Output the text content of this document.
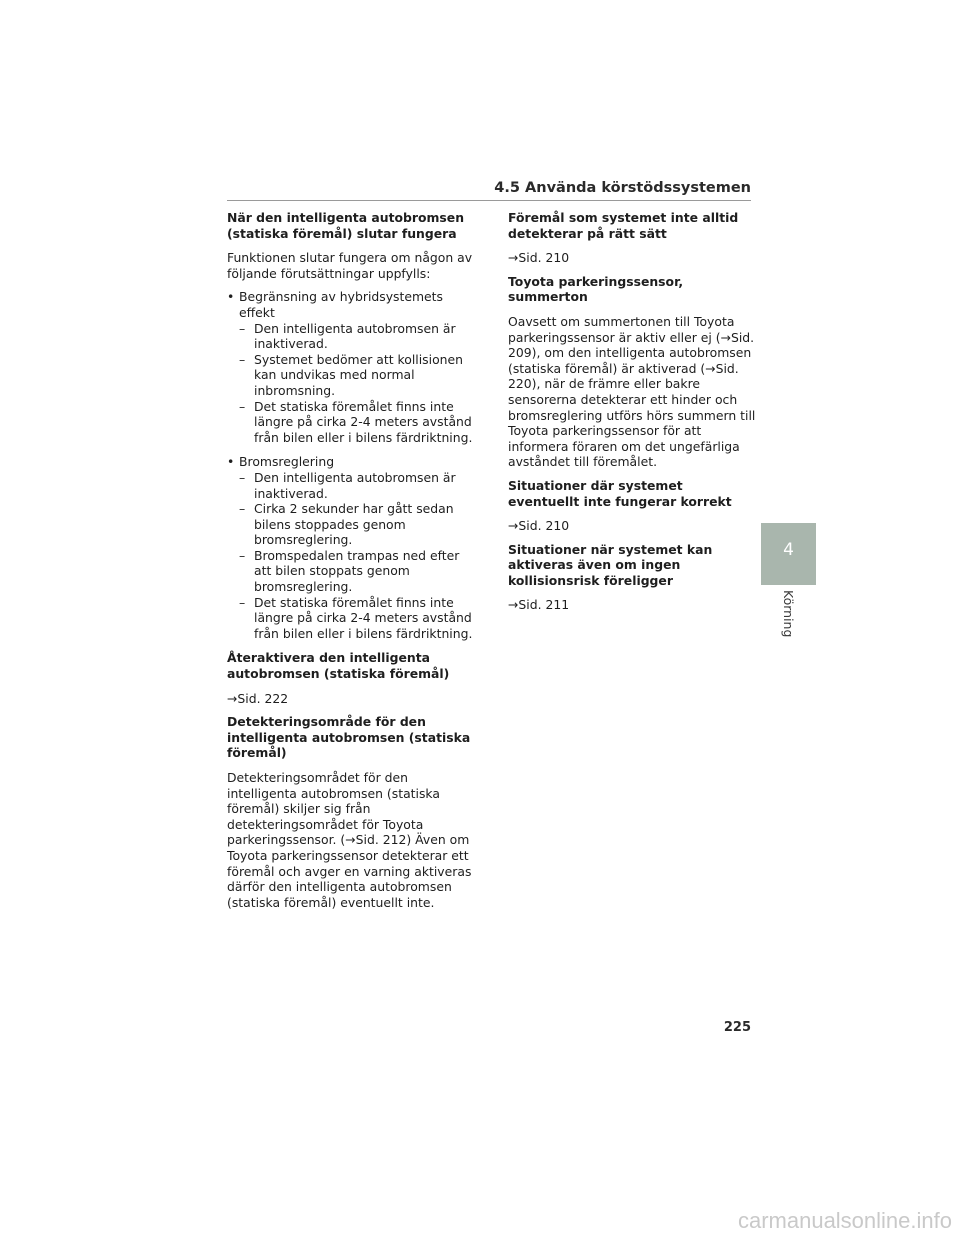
4.5 Använda körstödssystemen
När den intelligenta autobromsen (statiska föremål) slutar fungera
Funktionen slutar fungera om någon av följande förutsättningar uppfylls:
• Begränsning av hybridsystemets effekt
– Den intelligenta autobromsen är inaktiverad.
– Systemet bedömer att kollisionen kan undvikas med normal inbromsning.
– Det statiska föremålet finns inte längre på cirka 2-4 meters avstånd från bilen eller i bilens färdriktning.
• Bromsreglering
– Den intelligenta autobromsen är inaktiverad.
– Cirka 2 sekunder har gått sedan bilens stoppades genom bromsreglering.
– Bromspedalen trampas ned efter att bilen stoppats genom bromsreglering.
– Det statiska föremålet finns inte längre på cirka 2-4 meters avstånd från bilen eller i bilens färdriktning.
Återaktivera den intelligenta autobromsen (statiska föremål)
→Sid. 222
Detekteringsområde för den intelligenta autobromsen (statiska föremål)
Detekteringsområdet för den intelligenta autobromsen (statiska föremål) skiljer sig från detekteringsområdet för Toyota parkeringssensor. (→Sid. 212) Även om Toyota parkeringssensor detekterar ett föremål och avger en varning aktiveras därför den intelligenta autobromsen (statiska föremål) eventuellt inte.
Föremål som systemet inte alltid detekterar på rätt sätt
→Sid. 210
Toyota parkeringssensor, summerton
Oavsett om summertonen till Toyota parkeringssensor är aktiv eller ej (→Sid. 209), om den intelligenta autobromsen (statiska föremål) är aktiverad (→Sid. 220), när de främre eller bakre sensorerna detekterar ett hinder och bromsreglering utförs hörs summern till Toyota parkeringssensor för att informera föraren om det ungefärliga avståndet till föremålet.
Situationer där systemet eventuellt inte fungerar korrekt
→Sid. 210
Situationer när systemet kan aktiveras även om ingen kollisionsrisk föreligger
→Sid. 211
4
Körning
225
carmanualsonline.info
